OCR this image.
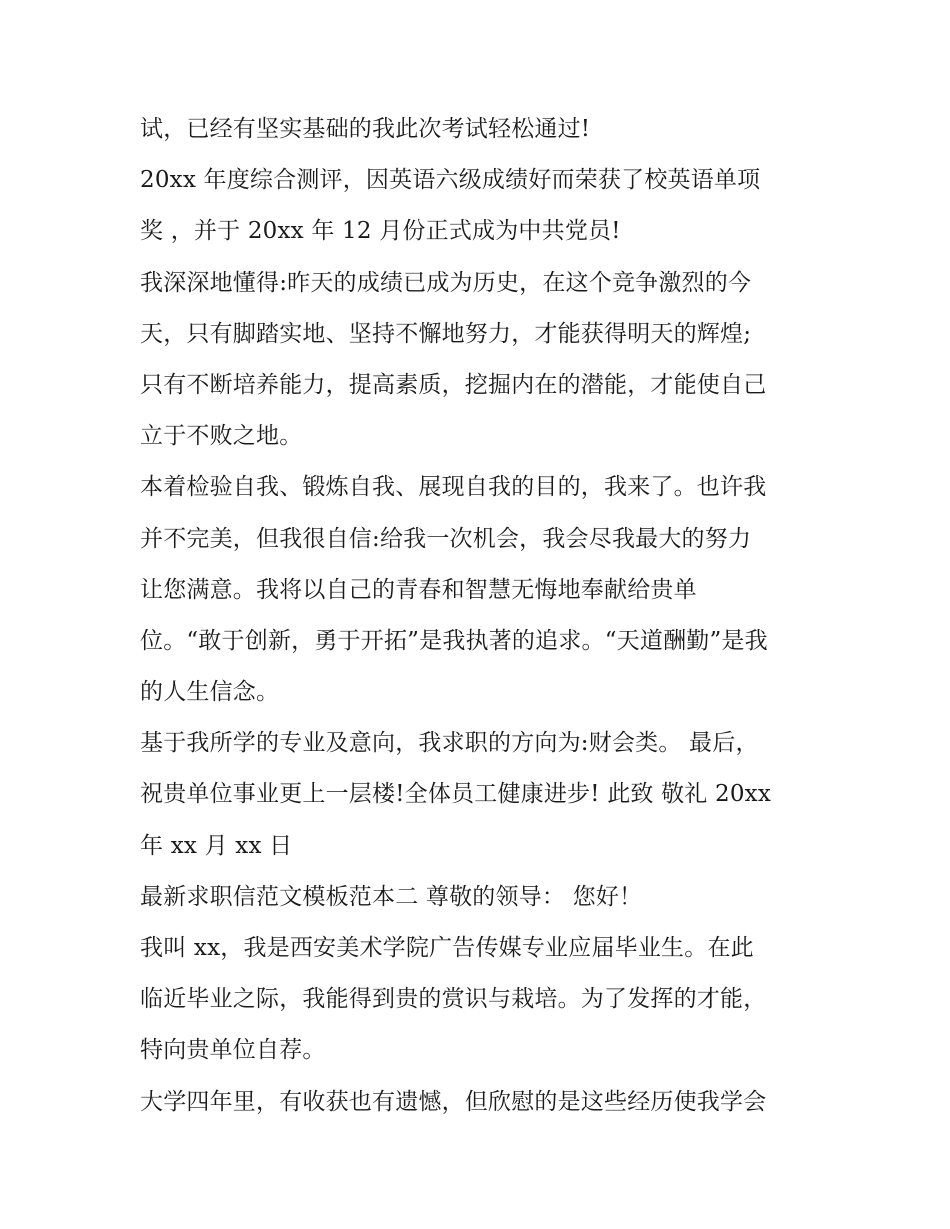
试，已经有坚实基础的我此次考试轻松通过!
20xx 年度综合测评，因英语六级成绩好而荣获了校英语单项
奖 ，并于 20xx 年 12 月份正式成为中共党员!
我深深地懂得:昨天的成绩已成为历史，在这个竞争激烈的今
天，只有脚踏实地、坚持不懈地努力，才能获得明天的辉煌;
只有不断培养能力，提高素质，挖掘内在的潜能，才能使自己
立于不败之地。
本着检验自我、锻炼自我、展现自我的目的，我来了。也许我
并不完美，但我很自信:给我一次机会，我会尽我最大的努力
让您满意。我将以自己的青春和智慧无悔地奉献给贵单
位。“敢于创新，勇于开拓”是我执著的追求。“天道酬勤”是我
的人生信念。
基于我所学的专业及意向，我求职的方向为:财会类。 最后，
祝贵单位事业更上一层楼!全体员工健康进步! 此致 敬礼 20xx
年 xx 月 xx 日
最新求职信范文模板范本二 尊敬的领导： 您好！
我叫 xx，我是西安美术学院广告传媒专业应届毕业生。在此
临近毕业之际，我能得到贵的赏识与栽培。为了发挥的才能，
特向贵单位自荐。
大学四年里，有收获也有遗憾，但欣慰的是这些经历使我学会
